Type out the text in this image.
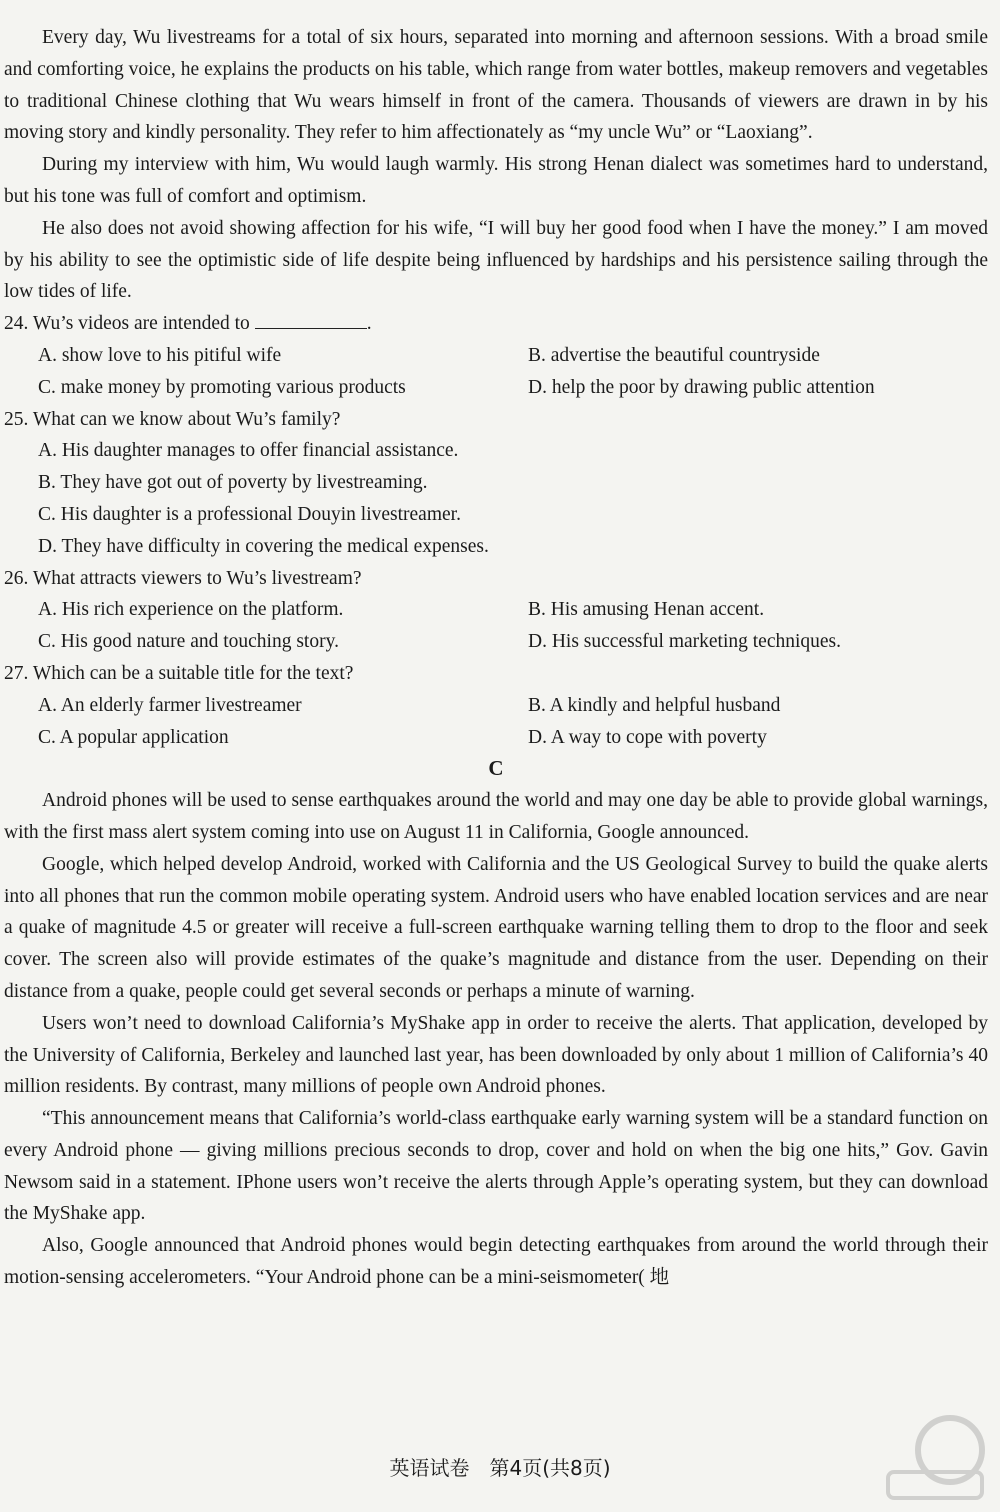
Every day, Wu livestreams for a total of six hours, separated into morning and afternoon sessions. With a broad smile and comforting voice, he explains the products on his table, which range from water bottles, makeup removers and vegetables to traditional Chinese clothing that Wu wears himself in front of the camera. Thousands of viewers are drawn in by his moving story and kindly personality. They refer to him affectionately as “my uncle Wu” or “Laoxiang”.

During my interview with him, Wu would laugh warmly. His strong Henan dialect was sometimes hard to understand, but his tone was full of comfort and optimism.

He also does not avoid showing affection for his wife, “I will buy her good food when I have the money.” I am moved by his ability to see the optimistic side of life despite being influenced by hardships and his persistence sailing through the low tides of life.

24. Wu’s videos are intended to	.

A. show love to his pitiful wife	B. advertise the beautiful countryside
C. make money by promoting various products	D. help the poor by drawing public attention

25. What can we know about Wu’s family?

A. His daughter manages to offer financial assistance.

B. They have got out of poverty by livestreaming.

C. His daughter is a professional Douyin livestreamer.

D. They have difficulty in covering the medical expenses.

26. What attracts viewers to Wu’s livestream?

A. His rich experience on the platform.	B. His amusing Henan accent.
C. His good nature and touching story.	D. His successful marketing techniques.

27. Which can be a suitable title for the text?

A. An elderly farmer livestreamer	B. A kindly and helpful husband
C. A popular application	D. A way to cope with poverty

C

Android phones will be used to sense earthquakes around the world and may one day be able to provide global warnings, with the first mass alert system coming into use on August 11 in California, Google announced.

Google, which helped develop Android, worked with California and the US Geological Survey to build the quake alerts into all phones that run the common mobile operating system. Android users who have enabled location services and are near a quake of magnitude 4.5 or greater will receive a full-screen earthquake warning telling them to drop to the floor and seek cover. The screen also will provide estimates of the quake’s magnitude and distance from the user. Depending on their distance from a quake, people could get several seconds or perhaps a minute of warning.

Users won’t need to download California’s MyShake app in order to receive the alerts. That application, developed by the University of California, Berkeley and launched last year, has been downloaded by only about 1 million of California’s 40 million residents. By contrast, many millions of people own Android phones.

“This announcement means that California’s world-class earthquake early warning system will be a standard function on every Android phone — giving millions precious seconds to drop, cover and hold on when the big one hits,” Gov. Gavin Newsom said in a statement. IPhone users won’t receive the alerts through Apple’s operating system, but they can download the MyShake app.

Also, Google announced that Android phones would begin detecting earthquakes from around the world through their motion-sensing accelerometers. “Your Android phone can be a mini-seismometer( 地

英语试卷　第4页(共8页)
